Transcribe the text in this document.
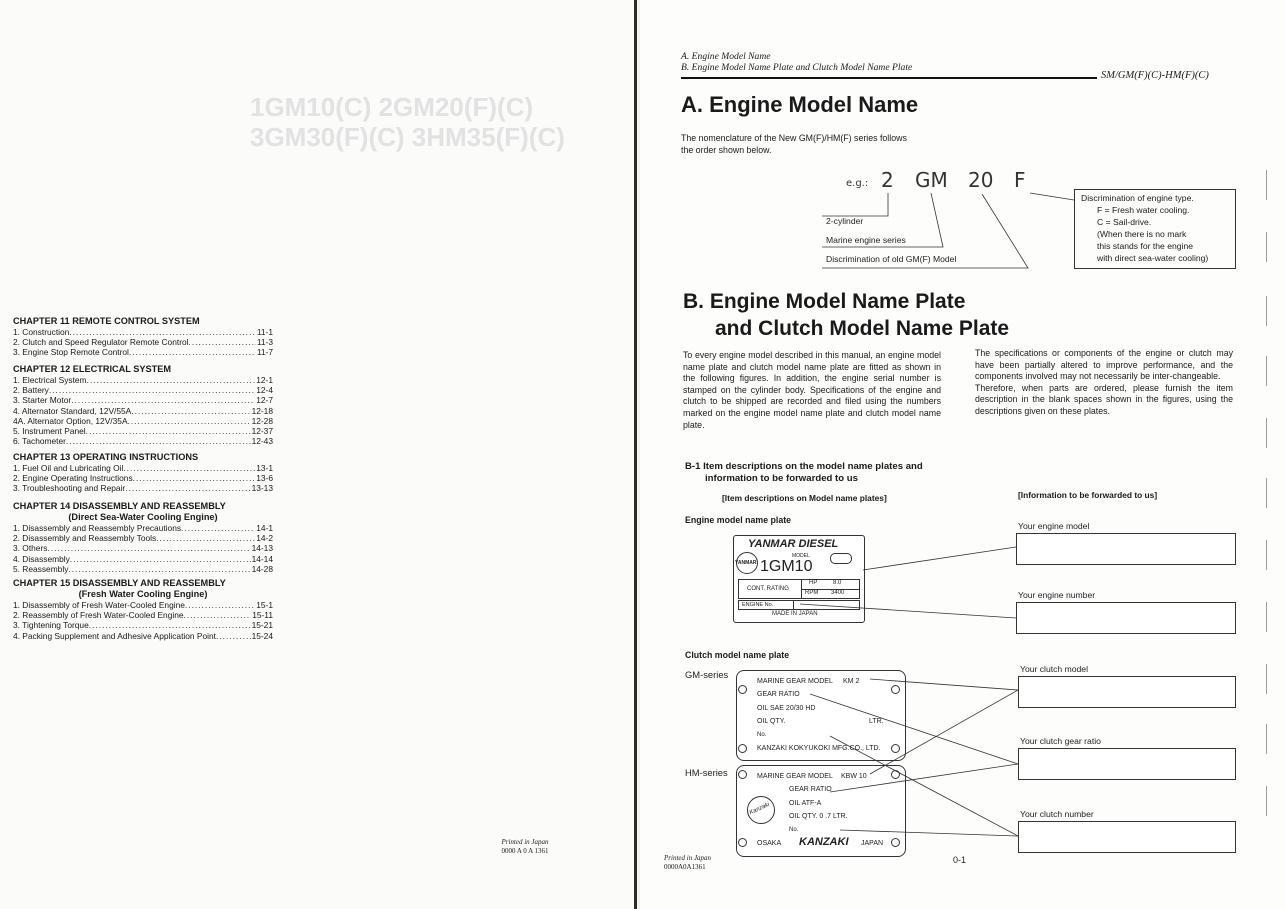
1GM10(C) 2GM20(F)(C) 3GM30(F)(C) 3HM35(F)(C)
CHAPTER 11 REMOTE CONTROL SYSTEM
1. Construction .....	11-1
2. Clutch and Speed Regulator Remote Control .....	11-3
3. Engine Stop Remote Control .....	11-7
CHAPTER 12 ELECTRICAL SYSTEM
1. Electrical System .....	12-1
2. Battery .....	12-4
3. Starter Motor .....	12-7
4. Alternator Standard, 12V/55A .....	12-18
4A. Alternator Option, 12V/35A .....	12-28
5. Instrument Panel .....	12-37
6. Tachometer .....	12-43
CHAPTER 13 OPERATING INSTRUCTIONS
1. Fuel Oil and Lubricating Oil .....	13-1
2. Engine Operating Instructions .....	13-6
3. Troubleshooting and Repair .....	13-13
CHAPTER 14 DISASSEMBLY AND REASSEMBLY
(Direct Sea-Water Cooling Engine)
1. Disassembly and Reassembly Precautions .....	14-1
2. Disassembly and Reassembly Tools .....	14-2
3. Others .....	14-13
4. Disassembly .....	14-14
5. Reassembly .....	14-28
CHAPTER 15 DISASSEMBLY AND REASSEMBLY
(Fresh Water Cooling Engine)
1. Disassembly of Fresh Water-Cooled Engine .....	15-1
2. Reassembly of Fresh Water-Cooled Engine .....	15-11
3. Tightening Torque .....	15-21
4. Packing Supplement and Adhesive Application Point .....	15-24
Printed in Japan
0000 A 0 A 1361
A. Engine Model Name
B. Engine Model Name Plate and Clutch Model Name Plate
SM/GM(F)(C)-HM(F)(C)
A. Engine Model Name
The nomenclature of the New GM(F)/HM(F) series follows
the order shown below.
e.g.: 2 GM 20 F
2-cylinder
Marine engine series
Discrimination of old GM(F) Model
Discrimination of engine type.
F = Fresh water cooling.
C = Sail-drive.
(When there is no mark
this stands for the engine
with direct sea-water cooling)
B. Engine Model Name Plate
and Clutch Model Name Plate
To every engine model described in this manual, an engine model name plate and clutch model name plate are fitted as shown in the following figures. In addition, the engine serial number is stamped on the cylinder body. Specifications of the engine and clutch to be shipped are recorded and filed using the numbers marked on the engine model name plate and clutch model name plate.
The specifications or components of the engine or clutch may have been partially altered to improve performance, and the components involved may not necessarily be inter-changeable.
Therefore, when parts are ordered, please furnish the item description in the blank spaces shown in the figures, using the descriptions given on these plates.
B-1 Item descriptions on the model name plates and
information to be forwarded to us
[Item descriptions on Model name plates]	[Information to be forwarded to us]
Engine model name plate
YANMAR DIESEL
YANMAR
MODEL
1GM10
CONT. RATING
HP	8.0
RPM 3400
ENGINE No.
MADE IN JAPAN
Your engine model
Your engine number
Clutch model name plate
GM-series
HM-series
MARINE GEAR MODEL KM 2
GEAR RATIO
OIL SAE 20/30 HD
OIL QTY.	LTR.
No.
KANZAKI KOKYUKOKI MFG.CO., LTD.
MARINE GEAR MODEL KBW 10
Kanzaki
GEAR RATIO
OIL ATF-A
OIL QTY. 0 .7 LTR.
No.
OSAKA KANZAKI JAPAN
Your clutch model
Your clutch gear ratio
Your clutch number
Printed in Japan
0000A0A1361
0-1
